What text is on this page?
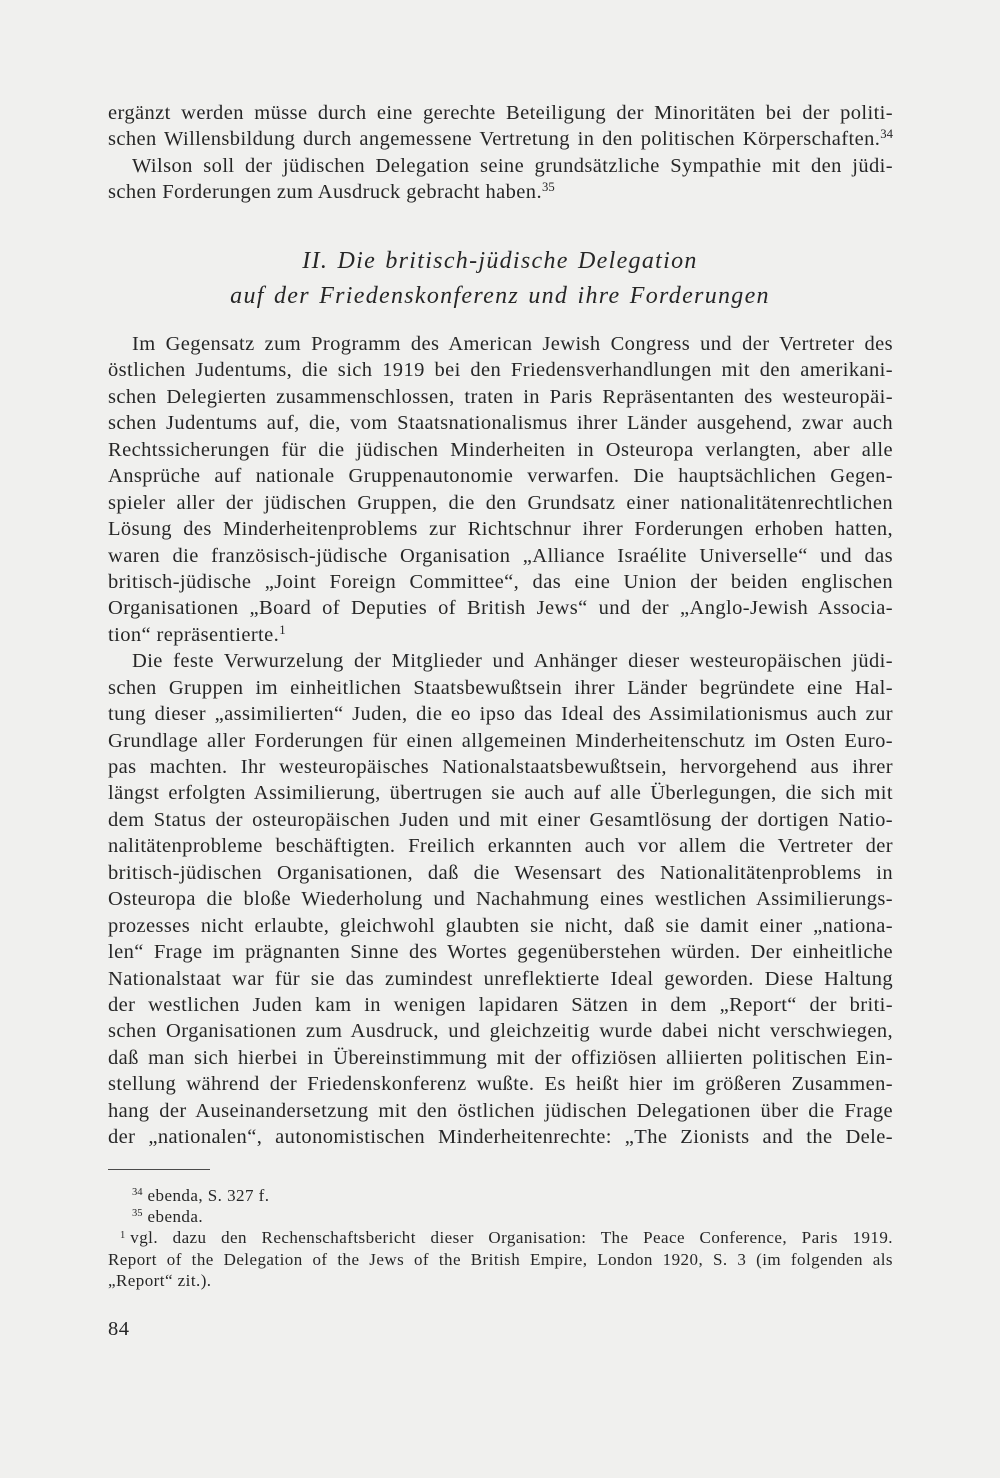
ergänzt werden müsse durch eine gerechte Beteiligung der Minoritäten bei der politi-
schen Willensbildung durch angemessene Vertretung in den politischen Körperschaften.$^{34}$
Wilson soll der jüdischen Delegation seine grundsätzliche Sympathie mit den jüdi-
schen Forderungen zum Ausdruck gebracht haben.$^{35}$
II. Die britisch-jüdische Delegation
auf der Friedenskonferenz und ihre Forderungen
Im Gegensatz zum Programm des American Jewish Congress und der Vertreter des
östlichen Judentums, die sich 1919 bei den Friedensverhandlungen mit den amerikani-
schen Delegierten zusammenschlossen, traten in Paris Repräsentanten des westeuropäi-
schen Judentums auf, die, vom Staatsnationalismus ihrer Länder ausgehend, zwar auch
Rechtssicherungen für die jüdischen Minderheiten in Osteuropa verlangten, aber alle
Ansprüche auf nationale Gruppenautonomie verwarfen. Die hauptsächlichen Gegen-
spieler aller der jüdischen Gruppen, die den Grundsatz einer nationalitätenrechtlichen
Lösung des Minderheitenproblems zur Richtschnur ihrer Forderungen erhoben hatten,
waren die französisch-jüdische Organisation „Alliance Israélite Universelle“ und das
britisch-jüdische „Joint Foreign Committee“, das eine Union der beiden englischen
Organisationen „Board of Deputies of British Jews“ und der „Anglo-Jewish Associa-
tion“ repräsentierte.$^1$
Die feste Verwurzelung der Mitglieder und Anhänger dieser westeuropäischen jüdi-
schen Gruppen im einheitlichen Staatsbewußtsein ihrer Länder begründete eine Hal-
tung dieser „assimilierten“ Juden, die eo ipso das Ideal des Assimilationismus auch zur
Grundlage aller Forderungen für einen allgemeinen Minderheitenschutz im Osten Euro-
pas machten. Ihr westeuropäisches Nationalstaatsbewußtsein, hervorgehend aus ihrer
längst erfolgten Assimilierung, übertrugen sie auch auf alle Überlegungen, die sich mit
dem Status der osteuropäischen Juden und mit einer Gesamtlösung der dortigen Natio-
nalitätenprobleme beschäftigten. Freilich erkannten auch vor allem die Vertreter der
britisch-jüdischen Organisationen, daß die Wesensart des Nationalitätenproblems in
Osteuropa die bloße Wiederholung und Nachahmung eines westlichen Assimilierungs-
prozesses nicht erlaubte, gleichwohl glaubten sie nicht, daß sie damit einer „nationa-
len“ Frage im prägnanten Sinne des Wortes gegenüberstehen würden. Der einheitliche
Nationalstaat war für sie das zumindest unreflektierte Ideal geworden. Diese Haltung
der westlichen Juden kam in wenigen lapidaren Sätzen in dem „Report“ der briti-
schen Organisationen zum Ausdruck, und gleichzeitig wurde dabei nicht verschwiegen,
daß man sich hierbei in Übereinstimmung mit der offiziösen alliierten politischen Ein-
stellung während der Friedenskonferenz wußte. Es heißt hier im größeren Zusammen-
hang der Auseinandersetzung mit den östlichen jüdischen Delegationen über die Frage
der „nationalen“, autonomistischen Minderheitenrechte: „The Zionists and the Dele-
$^{34}$ ebenda, S. 327 f.
$^{35}$ ebenda.
$^1$ vgl. dazu den Rechenschaftsbericht dieser Organisation: The Peace Conference, Paris 1919.
Report of the Delegation of the Jews of the British Empire, London 1920, S. 3 (im folgenden als
„Report“ zit.).
84
